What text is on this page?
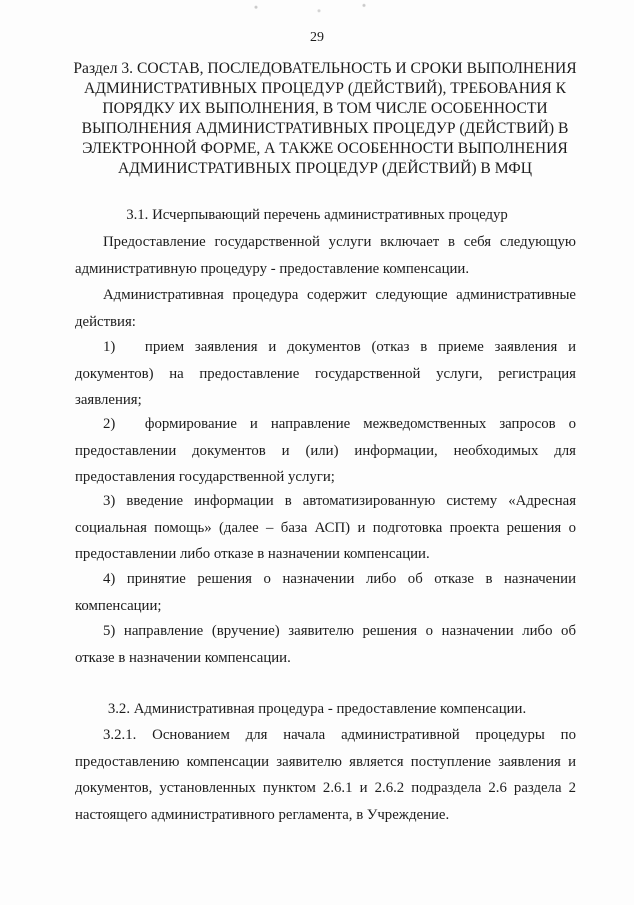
29
Раздел 3. СОСТАВ, ПОСЛЕДОВАТЕЛЬНОСТЬ И СРОКИ ВЫПОЛНЕНИЯ АДМИНИСТРАТИВНЫХ ПРОЦЕДУР (ДЕЙСТВИЙ), ТРЕБОВАНИЯ К ПОРЯДКУ ИХ ВЫПОЛНЕНИЯ, В ТОМ ЧИСЛЕ ОСОБЕННОСТИ ВЫПОЛНЕНИЯ АДМИНИСТРАТИВНЫХ ПРОЦЕДУР (ДЕЙСТВИЙ) В ЭЛЕКТРОННОЙ ФОРМЕ, А ТАКЖЕ ОСОБЕННОСТИ ВЫПОЛНЕНИЯ АДМИНИСТРАТИВНЫХ ПРОЦЕДУР (ДЕЙСТВИЙ) В МФЦ
3.1. Исчерпывающий перечень административных процедур

Предоставление государственной услуги включает в себя следующую административную процедуру - предоставление компенсации.

Административная процедура содержит следующие административные действия:

1)  прием заявления и документов (отказ в приеме заявления и документов) на предоставление государственной услуги, регистрация заявления;

2)  формирование и направление межведомственных запросов о предоставлении документов и (или) информации, необходимых для предоставления государственной услуги;

3) введение информации в автоматизированную систему «Адресная социальная помощь» (далее – база АСП) и подготовка проекта решения о предоставлении либо отказе в назначении компенсации.

4) принятие решения о назначении либо об отказе в назначении компенсации;

5) направление (вручение) заявителю решения о назначении либо об отказе в назначении компенсации.

3.2. Административная процедура - предоставление компенсации.

3.2.1. Основанием для начала административной процедуры по предоставлению компенсации заявителю является поступление заявления и документов, установленных пунктом 2.6.1 и 2.6.2 подраздела 2.6 раздела 2 настоящего административного регламента, в Учреждение.
